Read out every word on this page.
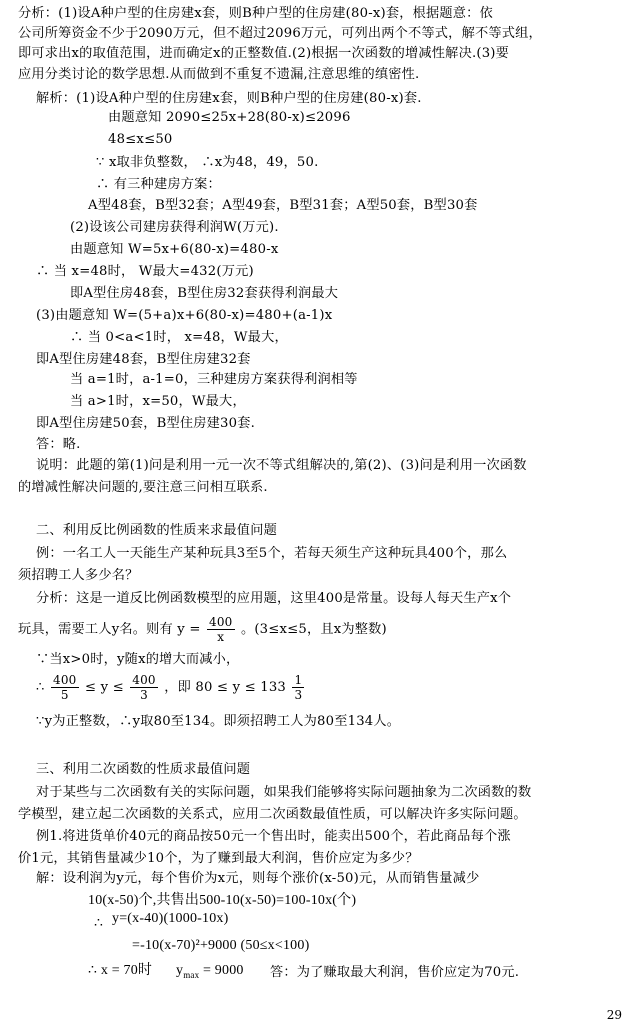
分析：(1)设A种户型的住房建x套，则B种户型的住房建(80-x)套，根据题意：依
公司所筹资金不少于2090万元，但不超过2096万元，可列出两个不等式，解不等式组，
即可求出x的取值范围，进而确定x的正整数值.(2)根据一次函数的增减性解决.(3)要
应用分类讨论的数学思想.从而做到不重复不遗漏,注意思维的缜密性.
解析：(1)设A种户型的住房建x套，则B种户型的住房建(80-x)套.
由题意知 2090≤25x+28(80-x)≤2096
48≤x≤50
∵ x取非负整数， ∴x为48，49，50.
∴ 有三种建房方案：
A型48套，B型32套；A型49套，B型31套；A型50套，B型30套
(2)设该公司建房获得利润W(万元).
由题意知 W=5x+6(80-x)=480-x
∴ 当 x=48时， W最大=432(万元)
即A型住房48套，B型住房32套获得利润最大
(3)由题意知 W=(5+a)x+6(80-x)=480+(a-1)x
∴ 当 0<a<1时， x=48，W最大，
即A型住房建48套，B型住房建32套
当 a=1时，a-1=0，三种建房方案获得利润相等
当 a>1时，x=50，W最大，
即A型住房建50套，B型住房建30套.
答：略.
说明：此题的第(1)问是利用一元一次不等式组解决的,第(2)、(3)问是利用一次函数
的增减性解决问题的,要注意三问相互联系.
二、利用反比例函数的性质来求最值问题
例：一名工人一天能生产某种玩具3至5个，若每天须生产这种玩具400个，那么
须招聘工人多少名？
分析：这是一道反比例函数模型的应用题，这里400是常量。设每人每天生产x个
玩具，需要工人y名。则有 $y = \frac{400}{x}$ 。(3≤x≤5，且x为整数)
∵当x>0时，y随x的增大而减小，
∴ $\frac{400}{5} \le y \le \frac{400}{3}$ ，即 $80 \le y \le 133 \frac{1}{3}$
∵y为正整数，∴y取80至134。即须招聘工人为80至134人。
三、利用二次函数的性质求最值问题
对于某些与二次函数有关的实际问题，如果我们能够将实际问题抽象为二次函数的数
学模型，建立起二次函数的关系式，应用二次函数最值性质，可以解决许多实际问题。
例1.将进货单价40元的商品按50元一个售出时，能卖出500个，若此商品每个涨
价1元，其销售量减少10个，为了赚到最大利润，售价应定为多少？
解：设利润为y元，每个售价为x元，则每个涨价(x-50)元，从而销售量减少
10(x-50)个,共售出500-10(x-50)=100-10x(个)
∴ y=(x-40)(1000-10x)
=-10(x-70)²+9000 (50≤x<100)
∴ x = 70时 $y_{max} = 9000$ 答：为了赚取最大利润，售价应定为70元.
29
